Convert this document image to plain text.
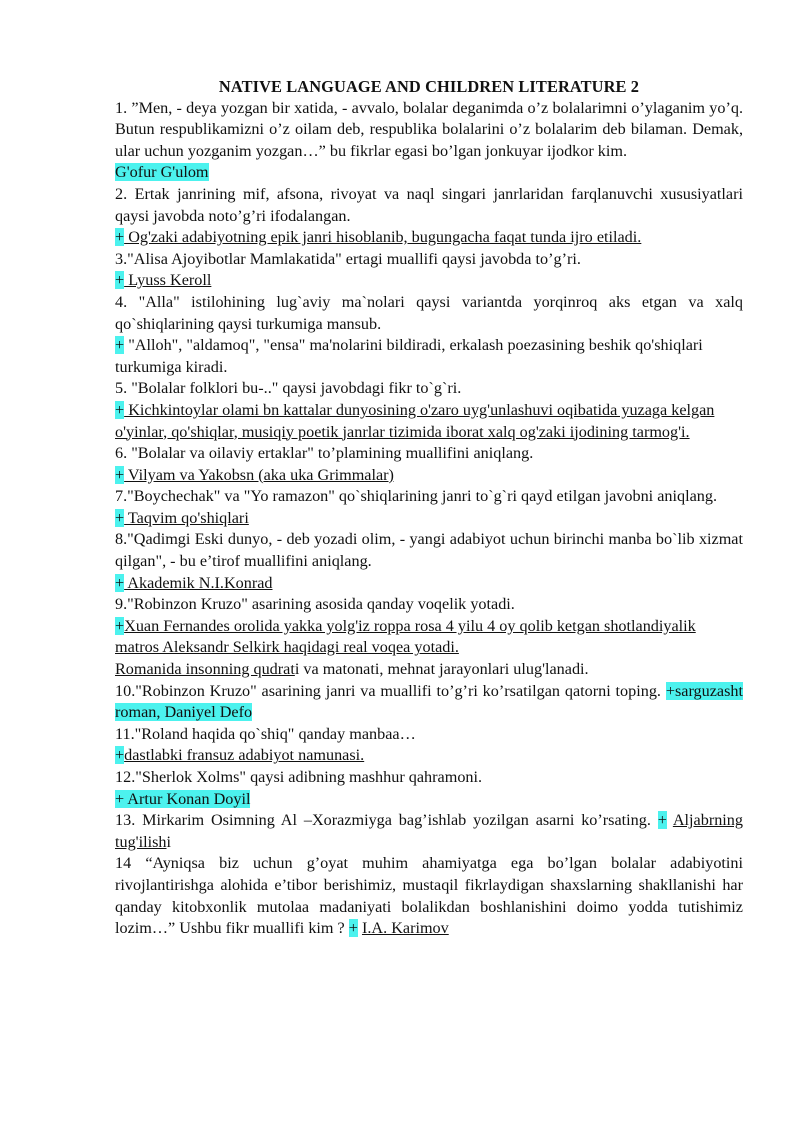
NATIVE LANGUAGE AND CHILDREN LITERATURE 2

1. ”Men, - deya yozgan bir xatida, - avvalo, bolalar deganimda o’z bolalarimni o’ylaganim yo’q. Butun respublikamizni o’z oilam deb, respublika bolalarini o’z bolalarim deb bilaman. Demak, ular uchun yozganim yozgan…” bu fikrlar egasi bo’lgan jonkuyar ijodkor kim.

G'ofur G'ulom

2. Ertak janrining mif, afsona, rivoyat va naql singari janrlaridan farqlanuvchi xususiyatlari qaysi javobda noto’g’ri ifodalangan.

+ Og'zaki adabiyotning epik janri hisoblanib, bugungacha faqat tunda ijro etiladi.

3."Alisa Ajoyibotlar Mamlakatida" ertagi muallifi qaysi javobda to’g’ri.

+ Lyuss Keroll

4. "Alla" istilohining lug`aviy ma`nolari qaysi variantda yorqinroq aks etgan va xalq qo`shiqlarining qaysi turkumiga mansub.

+ "Alloh", "aldamoq", "ensa" ma'nolarini bildiradi, erkalash poezasining beshik qo'shiqlari turkumiga kiradi.

5. "Bolalar folklori bu-.." qaysi javobdagi fikr to`g`ri.

+ Kichkintoylar olami bn kattalar dunyosining o'zaro uyg'unlashuvi oqibatida yuzaga kelgan o'yinlar, qo'shiqlar, musiqiy poetik janrlar tizimida iborat xalq og'zaki ijodining tarmog'i.

6. "Bolalar va oilaviy ertaklar" to’plamining muallifini aniqlang.

+ Vilyam va Yakobsn (aka uka Grimmalar)

7."Boychechak" va "Yo ramazon" qo`shiqlarining janri to`g`ri qayd etilgan javobni aniqlang.

+ Taqvim qo'shiqlari

8."Qadimgi Eski dunyo, - deb yozadi olim, - yangi adabiyot uchun birinchi manba bo`lib xizmat qilgan", - bu e’tirof muallifini aniqlang.

+ Akademik N.I.Konrad

9."Robinzon Kruzo" asarining asosida qanday voqelik yotadi.

+Xuan Fernandes orolida yakka yolg'iz roppa rosa 4 yilu 4 oy qolib ketgan shotlandiyalik matros Aleksandr Selkirk haqidagi real voqea yotadi.

Romanida insonning qudrati va matonati, mehnat jarayonlari ulug'lanadi.

10."Robinzon Kruzo" asarining janri va muallifi to’g’ri ko’rsatilgan qatorni toping. +sarguzasht roman, Daniyel Defo

11."Roland haqida qo`shiq" qanday manbaa…

+dastlabki fransuz adabiyot namunasi.

12."Sherlok Xolms" qaysi adibning mashhur qahramoni.

+ Artur Konan Doyil

13. Mirkarim Osimning Al –Xorazmiyga bag’ishlab yozilgan asarni ko’rsating. + Aljabrning tug'ilishi

14 “Ayniqsa biz uchun g’oyat muhim ahamiyatga ega bo’lgan bolalar adabiyotini rivojlantirishga alohida e’tibor berishimiz, mustaqil fikrlaydigan shaxslarning shakllanishi har qanday kitobxonlik mutolaa madaniyati bolalikdan boshlanishini doimo yodda tutishimiz lozim…” Ushbu fikr muallifi kim ? + I.A. Karimov
